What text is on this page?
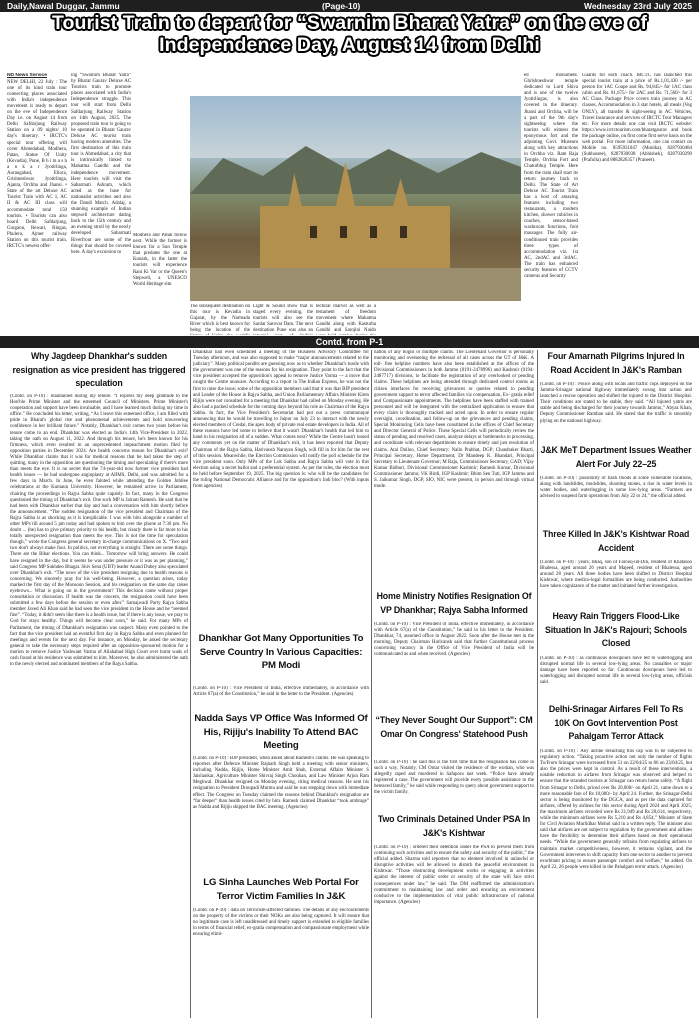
Daily,Nawal Duggar, Jammu	(Page-10)	Wednesday 23rd July 2025
Tourist Train to depart for “Swarnim Bharat Yatra” on the eve of Independence Day, August 14 from Delhi

ND News Service

NEW DELHI, 22 July : The one of its kind train tour connecting places associated with India's independence movement is ready to depart on the eve of Independence Day i.e. on August 14 from Delhi Safdarjung Railway Station on a 09 nights/ 10 day's itinerary. • IRCTC's special tour offering will cover Ahmedabad, Modhera, Patan, Statue Of Unity (Kevadia), Pune, B h i m a s h a n k a r Jyotirlinga, Aurangabad, Ellora, Grishneshwar Jyotirlinga, Ajanta, Orchha and Jhansi. • State of the art Deluxe AC Tourist Train with AC 1, AC II & AC III class will accommodate total 150 tourists. • Tourists can also board Delhi Safdarjung, Gurgaon, Rewari, Ringas, Phulera, Ajmer railway Station on this tourist train. IRCTC's newest offer-

ing “Swarnim Bharat Yatra” by Bharat Gaurav Deluxe AC Tourists train to promote places associated with India's Independence struggle. This tour will start from Delhi Safdarjung Railway Station on 14th August, 2025. The proposed train tour is going to be operated in Bharat Gaurav Deluxe AC tourist train having modern amenities. The first destination of this train tour is Ahmedabad, a city that is intrinsically linked to Mahatma Gandhi and the independence movement. Here tourists will visit the Sabarmati Ashram, which acted as the base for nationalist activities and also the Dandi March. Adalaj, a stunning example of Indian stepwell architecture dating back to the 15th century and an evening stroll by the newly developed Sabarmati Riverfront are some of the things that should be covered here. A day's excursion to
Modhera and Patan follow next. While the former is known for a Sun Temple that predates the one at Konark, in the latter the tourists will experience Rani Ki Var or the Queen's Stepwell, a UNESCO World Heritage site.
The subsequent destination on this tour is Kevadia in Gujarat, by the Narmada River which is best known for being the location of the
Light & Sound show that is staged every evening, the tourists will also see the Sardar Sarovar Dam. The next destination Pune was also an
tectural marvel as well as a testament of freedom movement where Mahatma Gandhi along with Kasturba Gandhi and Sarojini Naidu
ed monument. Ghrishneshwar temple dedicated to Lord Shiva and is one of the twelve Jyotirlingas, is also covered in the itinerary. Jhansi and Orchha, will be a part of the 9th day's sightseeing where the tourists will witness the eponymous fort and the adjoining Govt. Museum along with key attractions in Orchha viz. Ram Raja Temple, Orchha Fort and Chaturbhuj Temple. Here from the train shall start its return journey back to Delhi. The State of Art Deluxe AC Tourist Train has a host of amazing features including two restaurants, a modern kitchen, shower cubicles in coaches, sensor-based washroom functions, foot massager. The fully air-conditioned train provides three types of accommodation viz. 1st AC, 2ndAC and 3rdAC. The train has enhanced security features of CCTV cameras and Security
Guards for each coach. IRCTC has launched this special tourist train at a price of Rs.1,01,430 /- per person for 1AC Coupe and Rs. 94,845/- for 1AC class cabin and Rs. 81,675/- for 2AC and Rs. 71,560/- for 3 AC Class. Package Price covers train journey in AC classes, Accommodation in 3 star hotels, all meals (Veg ONLY), all transfer & sight-seeing in AC Vehicles, Travel Insurance and services of IRCTC Tour Managers etc. For more details one can visit IRCTC website: https://www.irctctourism.com/bharatgaurav and book the package online, on first come first serve basis on the web portal. For more information, one can contact on Mobile no. 8595931047 (Monika), 8287930484 (Subhasree), 8287930038 (Abhishek), 8287930299 (Prafulla) and 8882826357 (Praneet).
Contd. from P-1
Why Jagdeep Dhankhar's sudden resignation as vice president has triggered speculation
(Contd. on P-10) : maintained during my tenure. “I express my deep gratitude to the Hon'ble Prime Minister and the esteemed Council of Ministers. Prime Minister's cooperation and support have been invaluable, and I have learned much during my time in office.” He concluded his letter, writing, “As I leave this esteemed office, I am filled with pride in Bharat's global rise and phenomenal achievements and hold unwavering confidence in her brilliant future.” Notably, Dhankhar's exit comes two years before his tenure come to an end. Dhankhar was elected as India's 14th Vice-President in 2022, taking the oath on August 11, 2022. And through his tenure, he's been known for his firmness, which even resulted in an unprecedented impeachment motion filed by opposition parties in December 2024. Are health concerns reason for Dhankhar's exit? While Dhankhar claims that it was for medical reasons that he had taken the step of quitting, many in the opposition are questioning the timing and speculating if there's more than meets the eye. It is no secret that the 74-year-old now former vice president had health issues — he had undergone angioplasty at AIIMS, Delhi, and was admitted for a few days in March. In June, he even fainted while attending the Golden Jubilee celebrations at the Kumaun University. However, he remained active in Parliament, chairing the proceedings in Rajya Sabha quite capably. In fact, many in the Congress questioned the timing of Dhankhar's exit. One such MP is Jairam Ramesh. He said that he had been with Dhankhar earlier that day and had a conversation with him shortly before the announcement. “The sudden resignation of the vice president and Chairman of the Rajya Sabha is as shocking as it is inexplicable. I was with him alongside a number of other MPs till around 5 pm today and had spoken to him over the phone at 7:30 pm. No doubt ... (he) has to give primary priority to his health, but clearly there is far more to his totally unexpected resignation than meets the eye. This is not the time for speculation though,” wrote the Congress general secretary in-charge communications on X. “Two and two don't always make four. In politics, not everything is straight. There are some things. There are the Bihar elections. You can think... Tomorrow will bring answers. He could have resigned in the day, but it seems he was under pressure or it was as per planning,” said Congress MP Sukhdeo Bhagat. Shiv Sena (UBT) leader Anand Dubey also speculated over Dhankhar's exit. “The news of the vice president resigning due to health reasons is concerning. We sincerely pray for his well-being. However, a question arises, today marked the first day of the Monsoon Session, and his resignation on the same day raises eyebrows... What is going on in the government? This decision came without proper consultation or discussion. If health was the concern, the resignation could have been submitted a few days before the session or even after.” Samajwadi Party Rajya Sabha member Javed Ali Khan said he had seen the vice president in the House and he “seemed fine”. “Today, it didn't seem like there is a health issue, but if there is any issue, we pray to God for stays healthy. Things will become clear soon,” he said. For many MPs of Parliament, the timing of Dhankhar's resignation was suspect. Many even pointed to the fact that the vice president had an eventful first day in Rajya Sabha and even planned for meetings and events for the next day. For instance, on Monday, he asked the secretary general to take the necessary steps required after an opposition-sponsored motion for a motion to remove Justice Yashwant Varma of Allahabad High Court over burnt wads of cash found at his residence was submitted to him. Moreover, he also administered the oath to the newly elected and nominated members of the Rajya Sabha.
Dhankhar had even scheduled a meeting of the Business Advisory Committee for Tuesday afternoon, and was also supposed to make “major announcements related to the judiciary”. Many political pundits are guessing now as to whether Dhankhar's tussle with the government was one of the reasons for his resignation. They point to the fact that the vice president accepted the opposition's appeal to remove Justice Varma — a move that caught the Centre unaware. According to a report in The Indian Express, he was not the first to raise the issue; some of the opposition members said that it was that BJP president and Leader of the House in Rajya Sabha, and Union Parliamentary Affairs Minister Kiren Rijiju were not consulted for a meeting that Dhankhar had called on Monday evening. He also had a packed schedule for the coming days beyond his role as Chairman of the Rajya Sabha. In fact, the Vice President's Secretariat had put out a press communiqué announcing that he would be travelling to Jaipur on July 23 to interact with the newly elected members of Credai, the apex body of private real estate developers in India. All of these reasons have led some to believe that it wasn't Dhankhar's health that led him to hand in his resignation all of a sudden. What comes next? While the Centre hasn't issued any comments yet on the matter of Dhankhar's exit, it has been reported that Deputy Chairman of the Rajya Sabha, Harivansh Narayan Singh, will fill in for him for the rest of this session. Meanwhile, the Election Commission will notify the poll schedule for the vice president soon. Only MPs of the Lok Sabha and Rajya Sabha will vote in this election using a secret ballot and a preferential system. As per the rules, the election must be held before September 19, 2025. The big question is: who will be the candidates for the ruling National Democratic Alliance and for the opposition's Indi bloc? (With inputs from agencies)
Dhankhar Got Many Opportunities To Serve Country In Various Capacities: PM Modi
(Contd. on P-10) : Vice President of India, effective immediately, in accordance with Article 67(a) of the Constitution,” he said in the letter to the President. (Agencies)
Nadda Says VP Office Was Informed Of His, Rijiju's Inability To Attend BAC Meeting
(Contd. on P-10) : BJP president, when asked about Ramesh's claims. He was speaking to reporters after Defence Minister Rajnath Singh held a meeting with senior ministers, including Nadda, Rijiju, Home Minister Amit Shah, External Affairs Minister S Jaishankar, Agriculture Minister Shivraj Singh Chouhan, and Law Minister Arjun Ram Meghwal. Dhankhar resigned on Monday evening, citing medical reasons. He sent his resignation to President Droupadi Murmu and said he was stepping down with immediate effect. The Congress on Tuesday claimed the reasons behind Dhankhar's resignation are “far deeper” than health issues cited by him. Ramesh claimed Dhankhar “took umbrage” as Nadda and Rijiju skipped the BAC meeting. (Agencies)
LG Sinha Launches Web Portal For Terror Victim Families In J&K
(Contd. on P-10) : data on Terrorism-affected families. The details of any encroachments on the property of the victims or their NOKs are also being captured. It will ensure that no legitimate case is left unaddressed and timely support is extended to eligible families in terms of financial relief, ex-gratia compensation and compassionate employment while ensuring elimi-
nation of any bogus or multiple claims. The Lieutenant Governor is personally monitoring and overseeing the redressal of all cases across the UT of J&K. A toll- free helpline numbers have also been established at the offices of the Divisional Commissioners in both Jammu (0191-2478996) and Kashmir (0194-2487717) divisions, to facilitate the registration of any overlooked or pending claims. These helplines are being attended through dedicated control rooms as citizen interfaces for receiving grievances or queries related to pending government support to terror affected families viz compensation, Ex- gratia relief and Compassionate appointments. The helplines have been staffed with trained personnel and will be integrated with the centralized application to ensure that every claim is thoroughly tracked and acted upon. In order to ensure regular oversight, coordination, and follow-up on the grievances and pending claims, Special Monitoring Cells have been constituted in the offices of Chief Secretary and Director General of Police. These Special Cells will periodically review the status of pending and resolved cases, analyze delays or bottlenecks in processing, and coordinate with relevant departments to ensure timely and just resolution of claims. Atal Dulloo, Chief Secretary; Nalin Prabhat, DGP; Chandraker Bharti, Principal Secretary, Home Department; Dr Mandeep K. Bhandari, Principal Secretary to Lieutenant Governor; M Raju, Commissioner Secretary, GAD; Vijay Kumar Bidhuri, Divisional Commissioner Kashmir; Ramesh Kumar, Divisional Commissioner Jammu; VK Birdi, IGP Kashmir; Bhim Sen Tuti, IGP Jammu and S. Jaikumar Singh, DGP, SIO, NIC were present, in person and through virtual mode.
Home Ministry Notifies Resignation Of VP Dhankhar; Rajya Sabha Informed
(Contd. on P-10) : Vice President of India, effective immediately, in accordance with Article 67(a) of the Constitution,” he said in his letter to the President. Dhankhar, 74, assumed office in August 2022. Soon after the House met in the morning, Deputy Chairman Harivansh said that further Constitutional process concerning vacancy in the Office of Vice President of India will be communicated as and when received. (Agencies)
“They Never Sought Our Support”: CM Omar On Congress' Statehood Push
(Contd. on P-10) : he said this is the first time that the resignation has come in such a way. Notably, CM Omar visited the residence of the woman, who was allegedly raped and murdered in Safapora last week. “Police have already registered a case. The government will provide every possible assistance to the bereaved family,” he said while responding to query about government support to the victim family.
Two Criminals Detained Under PSA In J&K's Kishtwar
(Contd. on P-10) : ordered their detention under the PSA to prevent them from continuing such activities and to ensure the safety and security of the public,” the official added. Sharma told reporters that no element involved in unlawful or disruptive activities will be allowed to disturb the peaceful environment in Kishtwar. “Those obstructing development works or engaging in activities against the interest of public order or security of the state will face strict consequences under law,” he said. The DM reaffirmed the administration's commitment to maintaining law and order and ensuring an environment conducive to the implementation of vital public infrastructure of national importance. (Agencies)
Four Amarnath Pilgrims Injured In Road Accident In J&K's Ramban
(Contd. on P-10) : Police along with locals and traffic cops deployed on the Jammu-Srinagar national highway immediately swung into action and launched a rescue operation and shifted the injured to the District Hospital. Their conditions are stated to be stable, they said. “All injured yatris are stable and being discharged for their journey towards Jammu,” Abyaz Khan, Deputy Commissioner Ramban said. He stated that the traffic is smoothly plying on the national highway.
J&K MeT Department Issues Weather Alert For July 22–25
(Contd. on P-10) : possibility of flash floods at some vulnerable locations, along with landslides, mudslides, shooting stones, a rise in water levels in water bodies, and waterlogging in some low-lying areas. “Farmers are advised to suspend farm operations from July 22 to 24,” the official added.
Three Killed In J&K's Kishtwar Road Accident
(Contd. on P-10) : years; Ishaq, son of Farooq-ud-Din, resident of Khatasoo Bhalessa, aged around 26 years and Majeed, resident of Bhalessa, aged around 28 years. All three bodies have been shifted to District Hospital Kishtwar, where medico-legal formalities are being conducted. Authorities have taken cognizance of the matter and initiated further investigation.
Heavy Rain Triggers Flood-Like Situation In J&K's Rajouri; Schools Closed
(Contd. on P-10) : as continuous downpours have led to waterlogging and disrupted normal life in several low-lying areas. No casualties or major damage have been reported so far. Continuous downpours have led to waterlogging and disrupted normal life in several low-lying areas, officials said.
Delhi-Srinagar Airfares Fell To Rs 10K On Govt Intervention Post Pahalgam Terror Attack
(Contd. on P-10) : Any airline breaching this cap was to be subjected to regulatory action. “Taking proactive action not only the number of flights To/From Srinagar were increased from 51 on 22/04/25 to 86 on 23/04/25, but also the prices were kept in control. As a result of these interventions, a notable reduction in airfares from Srinagar was observed and helped to ensure that the stranded tourists at Srinagar can return home safely. “A flight from Srinagar to Delhi, priced over Rs 20,000/- on April 21, came down to a more reasonable fare of Rs 10,000/- by April 24. Further, the Srinagar-Delhi sector is being monitored by the DGCA, and as per the data captured for airfares, offered by airlines for this sector during April 2024 and April 2025, the maximum airfares recorded were Rs 21,949 and Rs 20,614, respectively, while the minimum airfares were Rs 5,210 and Rs 4,854,” Minister of State for Civil Aviation Murlidhar Mohol said in a written reply. The minister also said that airfares are not subject to regulation by the government and airlines have the flexibility to determine their airfares based on their operational needs. “While the government generally refrains from regulating airfares to maintain market competitiveness, however, it remains vigilant, and the Government intervenes to shift capacity from one sector to another to prevent exorbitant pricing to ensure passenger comfort and welfare,” he added. On April 22, 26 people were killed in the Pahalgam terror attack. (Agencies)
